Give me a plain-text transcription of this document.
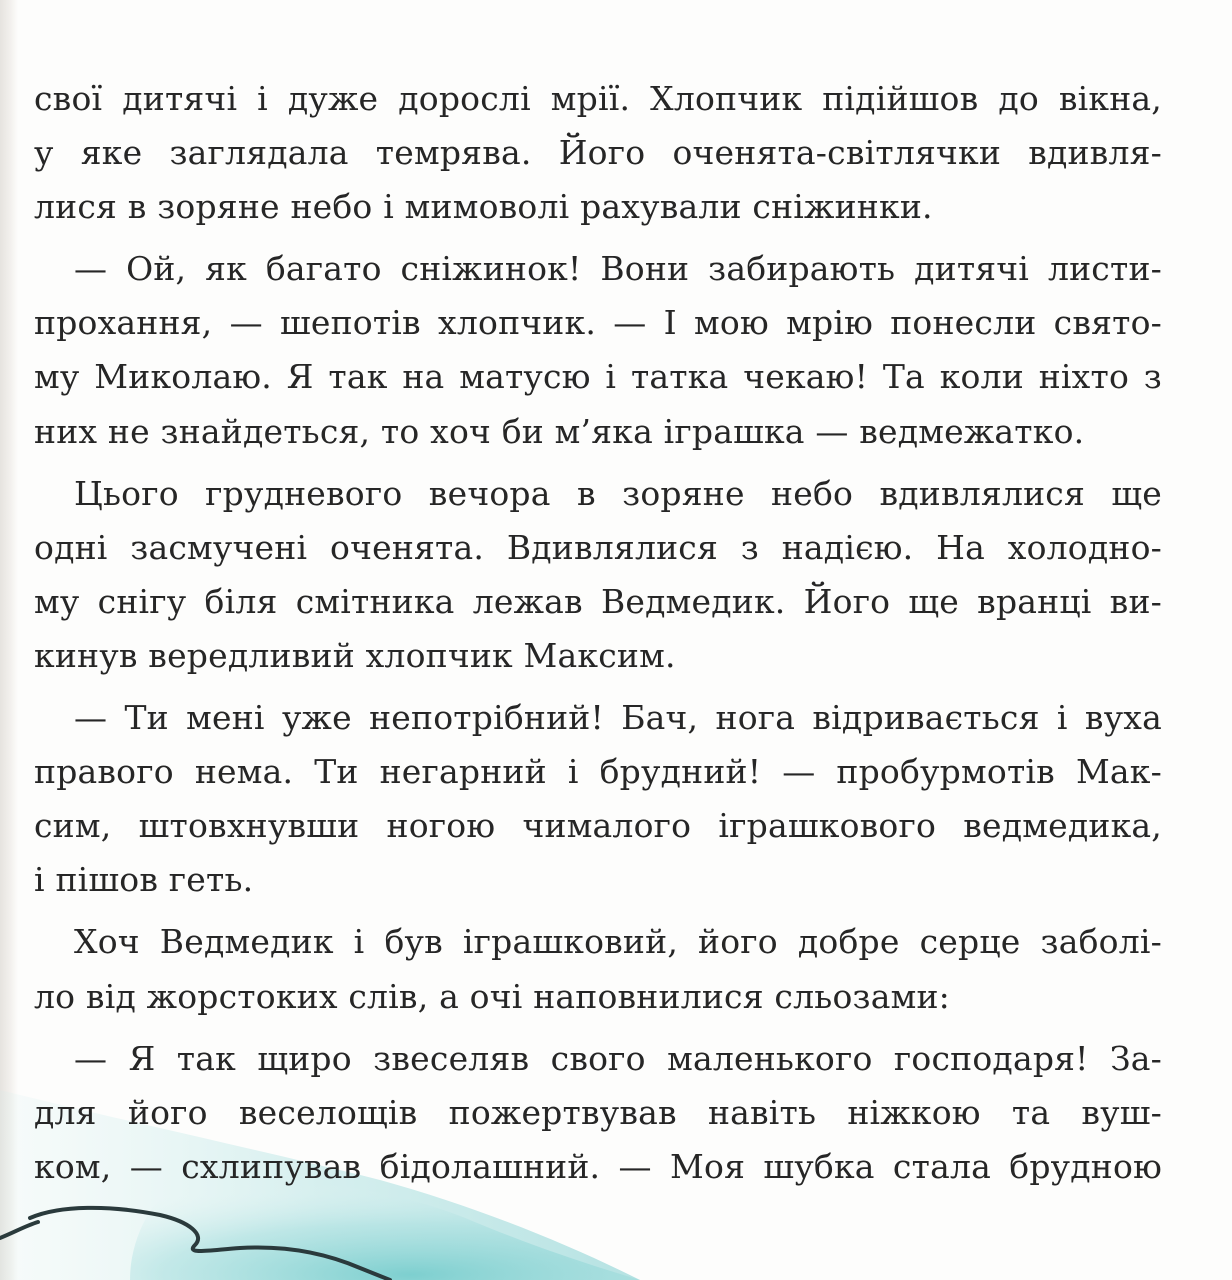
свої дитячі і дуже дорослі мрії. Хлопчик підійшов до вікна,
у яке заглядала темрява. Його оченята-світлячки вдивля-
лися в зоряне небо і мимоволі рахували сніжинки.
— Ой, як багато сніжинок! Вони забирають дитячі листи-
прохання, — шепотів хлопчик. — І мою мрію понесли свято-
му Миколаю. Я так на матусю і татка чекаю! Та коли ніхто з
них не знайдеться, то хоч би м’яка іграшка — ведмежатко.
Цього грудневого вечора в зоряне небо вдивлялися ще
одні засмучені оченята. Вдивлялися з надією. На холодно-
му снігу біля смітника лежав Ведмедик. Його ще вранці ви-
кинув вередливий хлопчик Максим.
— Ти мені уже непотрібний! Бач, нога відривається і вуха
правого нема. Ти негарний і брудний! — пробурмотів Мак-
сим, штовхнувши ногою чималого іграшкового ведмедика,
і пішов геть.
Хоч Ведмедик і був іграшковий, його добре серце заболі-
ло від жорстоких слів, а очі наповнилися сльозами:
— Я так щиро звеселяв свого маленького господаря! За-
для його веселощів пожертвував навіть ніжкою та вуш-
ком, — схлипував бідолашний. — Моя шубка стала брудною
